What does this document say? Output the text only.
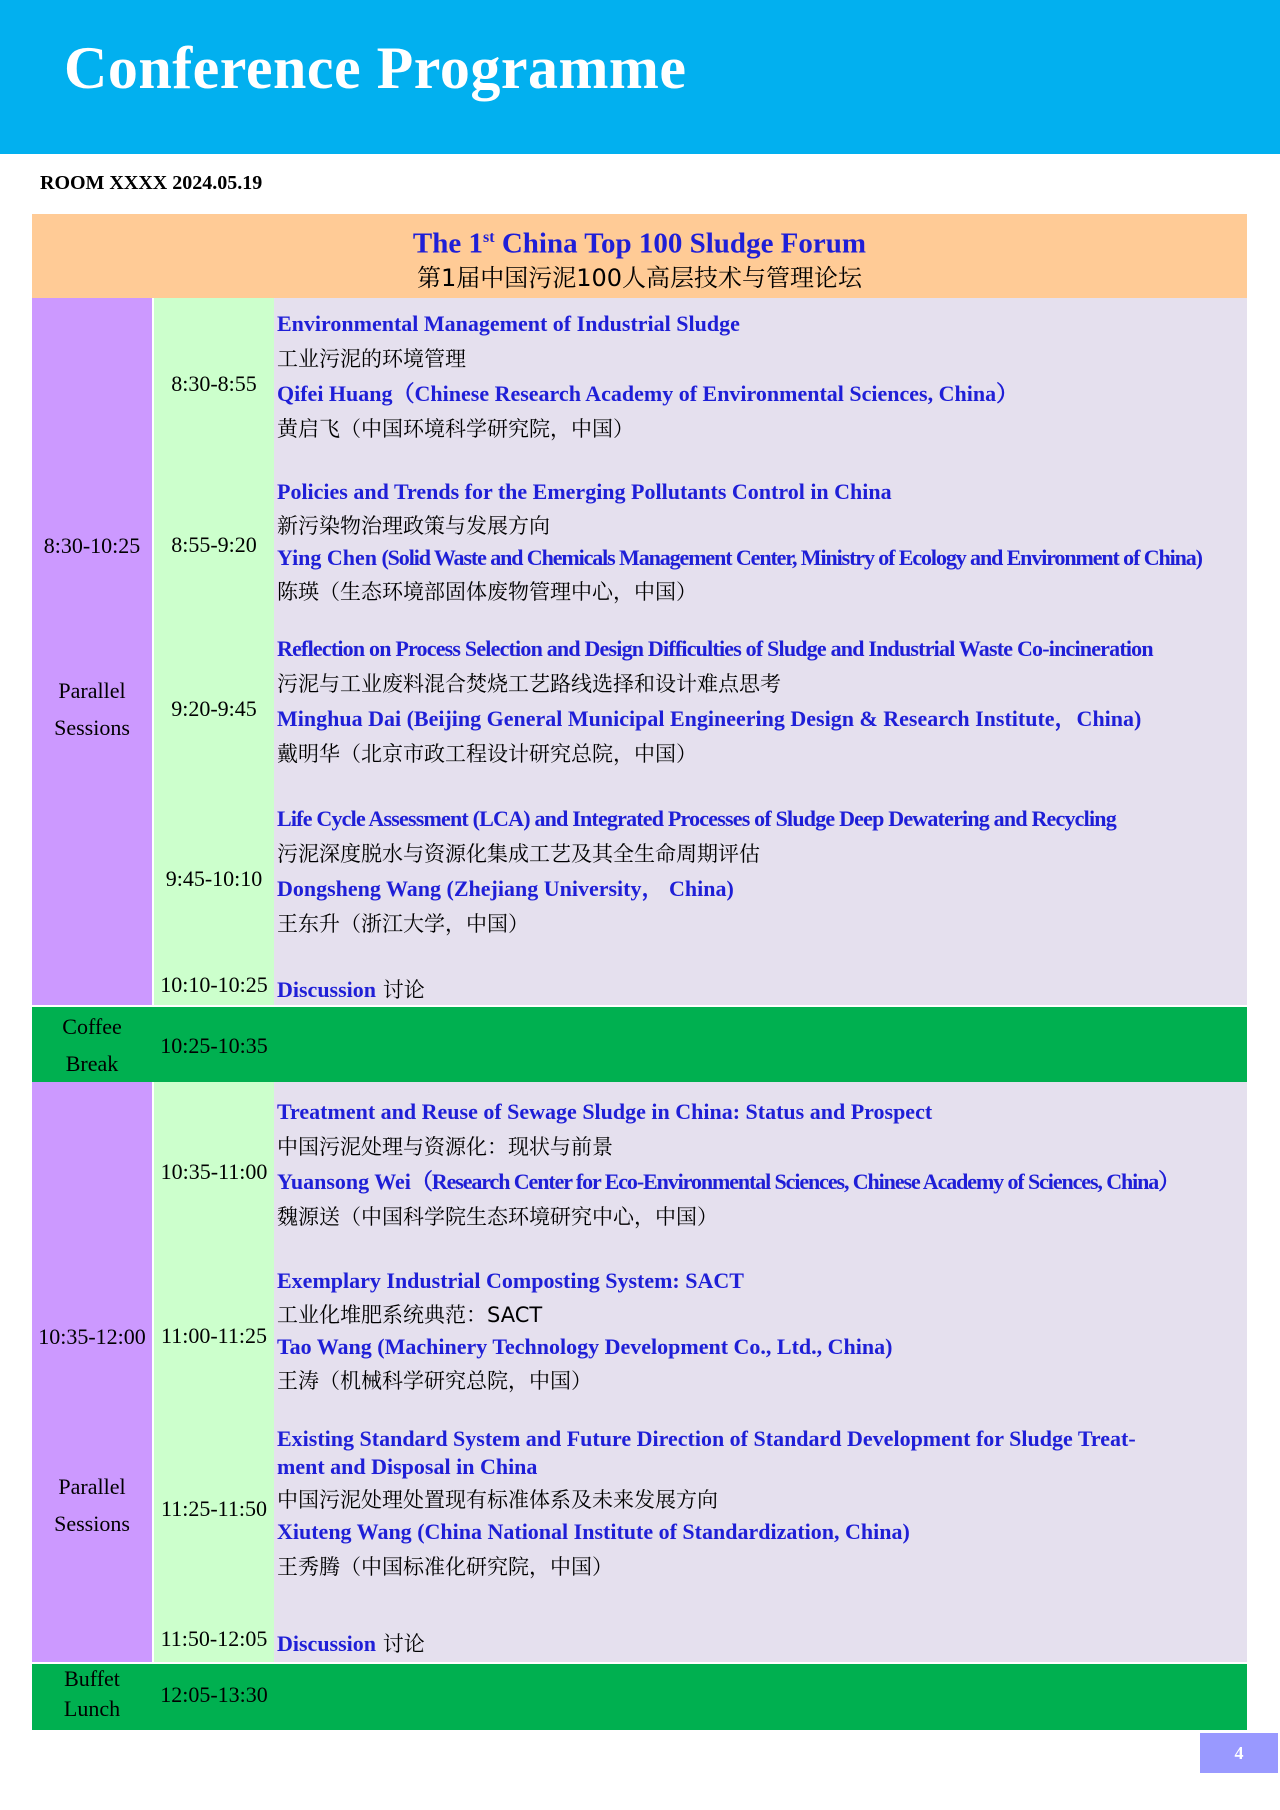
Conference Programme
ROOM XXXX 2024.05.19
The 1st China Top 100 Sludge Forum
第1届中国污泥100人高层技术与管理论坛
8:30-10:25
Parallel
Sessions
8:30-8:55
8:55-9:20
9:20-9:45
9:45-10:10
10:10-10:25
Environmental Management of Industrial Sludge
工业污泥的环境管理
Qifei Huang（Chinese Research Academy of Environmental Sciences, China）
黄启飞（中国环境科学研究院，中国）
Policies and Trends for the Emerging Pollutants Control in China
新污染物治理政策与发展方向
Ying Chen (Solid Waste and Chemicals Management Center, Ministry of Ecology and Environment of China)
陈瑛（生态环境部固体废物管理中心，中国）
Reflection on Process Selection and Design Difficulties of Sludge and Industrial Waste Co-incineration
污泥与工业废料混合焚烧工艺路线选择和设计难点思考
Minghua Dai (Beijing General Municipal Engineering Design & Research Institute，China)
戴明华（北京市政工程设计研究总院，中国）
Life Cycle Assessment (LCA) and Integrated Processes of Sludge Deep Dewatering and Recycling
污泥深度脱水与资源化集成工艺及其全生命周期评估
Dongsheng Wang (Zhejiang University， China)
王东升（浙江大学，中国）
Discussion 讨论
Coffee
Break
10:25-10:35
10:35-12:00
Parallel
Sessions
10:35-11:00
11:00-11:25
11:25-11:50
11:50-12:05
Treatment and Reuse of Sewage Sludge in China: Status and Prospect
中国污泥处理与资源化：现状与前景
Yuansong Wei（Research Center for Eco-Environmental Sciences, Chinese Academy of Sciences, China）
魏源送（中国科学院生态环境研究中心，中国）
Exemplary Industrial Composting System: SACT
工业化堆肥系统典范：SACT
Tao Wang (Machinery Technology Development Co., Ltd., China)
王涛（机械科学研究总院，中国）
Existing Standard System and Future Direction of Standard Development for Sludge Treat-
ment and Disposal in China
中国污泥处理处置现有标准体系及未来发展方向
Xiuteng Wang (China National Institute of Standardization, China)
王秀腾（中国标准化研究院，中国）
Discussion 讨论
Buffet
Lunch
12:05-13:30
4
